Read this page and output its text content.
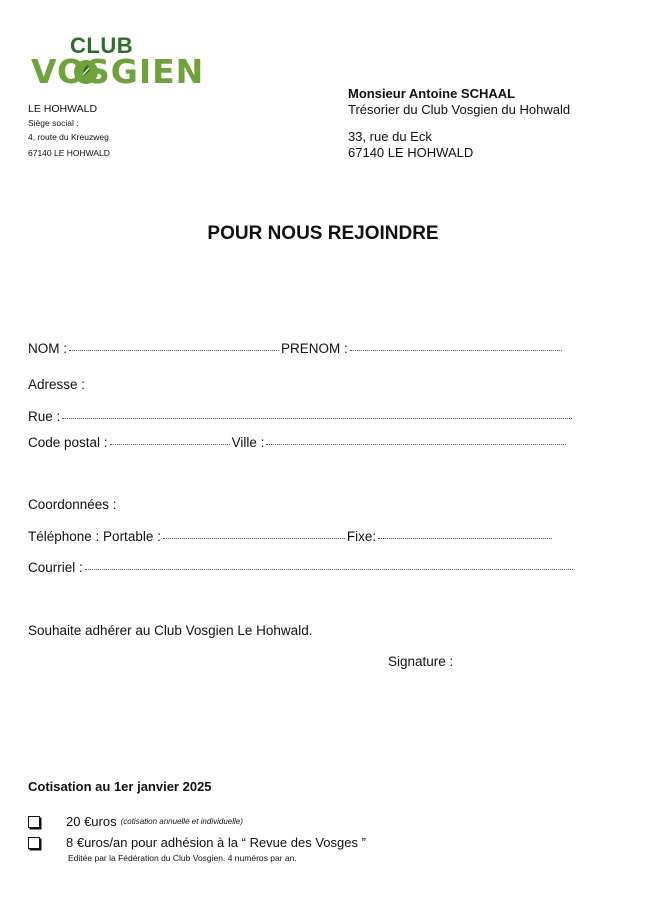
CLUB
VOSGIEN
LE HOHWALD
Siège social :
4, route du Kreuzweg
67140 LE HOHWALD
Monsieur Antoine SCHAAL
Trésorier du Club Vosgien du Hohwald
33, rue du Eck
67140 LE HOHWALD
POUR NOUS REJOINDRE
NOM :	PRENOM :
Adresse :
Rue :
Code postal :	Ville :
Coordonnées :
Téléphone : Portable :	Fixe:
Courriel :
Souhaite adhérer au Club Vosgien Le Hohwald.
Signature :
Cotisation au 1er janvier 2025
20 €uros (cotisation annuelle et individuelle)
8 €uros/an pour adhésion à la “ Revue des Vosges ”
Editée par la Fédération du Club Vosgien. 4 numéros par an.
